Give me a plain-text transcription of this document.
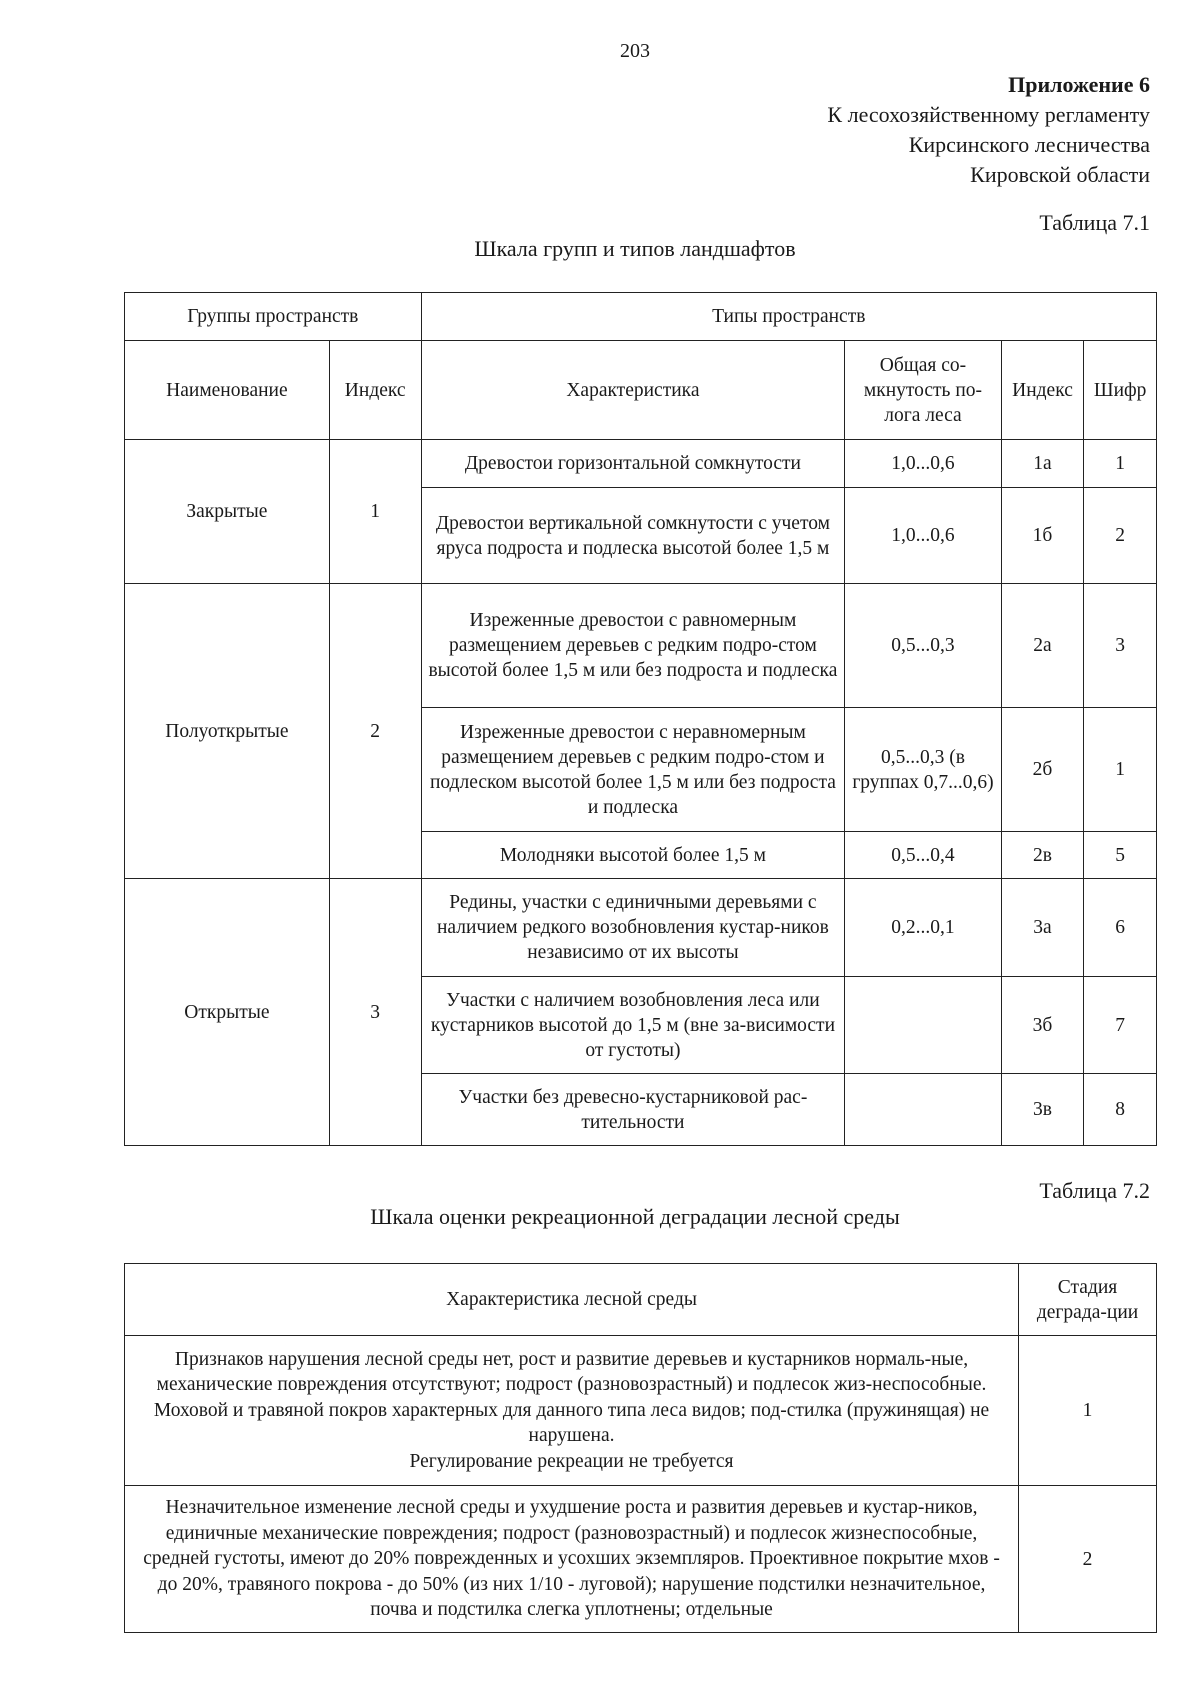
203
Приложение 6
К лесохозяйственному регламенту
Кирсинского лесничества
Кировской области
Таблица 7.1
Шкала групп и типов ландшафтов
Группы пространств		Типы пространств			
Наименование	Индекс	Характеристика	Общая со-мкнутость по-лога леса	Индекс	Шифр
Закрытые	1	Древостои горизонтальной сомкнутости	1,0...0,6	1а	1
		Древостои вертикальной сомкнутости с учетом яруса подроста и подлеска высотой более 1,5 м	1,0...0,6	1б	2
Полуоткрытые	2	Изреженные древостои с равномерным размещением деревьев с редким подро-стом высотой более 1,5 м или без подроста и подлеска	0,5...0,3	2а	3
		Изреженные древостои с неравномерным размещением деревьев с редким подро-стом и подлеском высотой более 1,5 м или без подроста и подлеска	0,5...0,3 (в группах 0,7...0,6)	2б	1
		Молодняки высотой более 1,5 м	0,5...0,4	2в	5
Открытые	3	Редины, участки с единичными деревьями с наличием редкого возобновления кустар-ников независимо от их высоты	0,2...0,1	3а	6
		Участки с наличием возобновления леса или кустарников высотой до 1,5 м (вне за-висимости от густоты)		3б	7
		Участки без древесно-кустарниковой рас-тительности		3в	8
Таблица 7.2
Шкала оценки рекреационной деградации лесной среды
Характеристика лесной среды	Стадия деграда-ции

Признаков нарушения лесной среды нет, рост и развитие деревьев и кустарников нормаль-ные, механические повреждения отсутствуют; подрост (разновозрастный) и подлесок жиз-неспособные. Моховой и травяной покров характерных для данного типа леса видов; под-стилка (пружинящая) не нарушена.
Регулирование рекреации не требуется	1

Незначительное изменение лесной среды и ухудшение роста и развития деревьев и кустар-ников, единичные механические повреждения; подрост (разновозрастный) и подлесок жизнеспособные, средней густоты, имеют до 20% поврежденных и усохших экземпляров. Проективное покрытие мхов - до 20%, травяного покрова - до 50% (из них 1/10 - луговой); нарушение подстилки незначительное, почва и подстилка слегка уплотнены; отдельные	2
